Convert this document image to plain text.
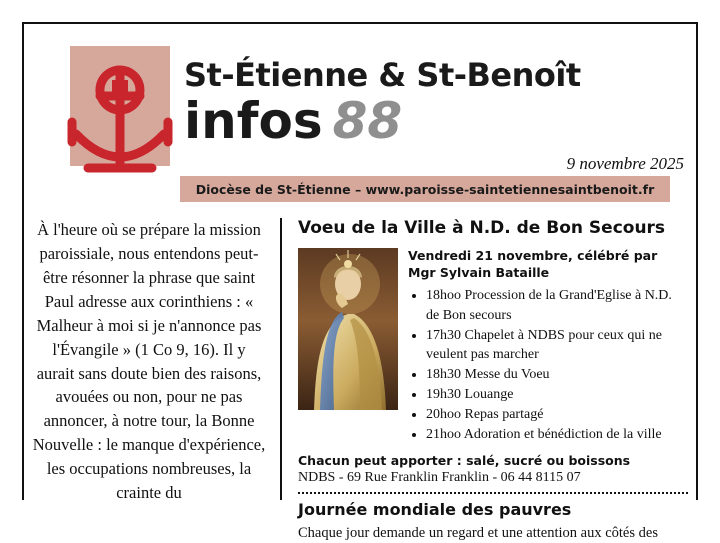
St-Étienne & St-Benoît
infos 88
9 novembre 2025
Diocèse de St-Étienne – www.paroisse-saintetiennesaintbenoit.fr

À l'heure où se prépare la mission paroissiale, nous entendons peut-être résonner la phrase que saint Paul adresse aux corinthiens : « Malheur à moi si je n'annonce pas l'Évangile » (1 Co 9, 16). Il y aurait sans doute bien des raisons, avouées ou non, pour ne pas annoncer, à notre tour, la Bonne Nouvelle : le manque d'expérience, les occupations nombreuses, la crainte du

Voeu de la Ville à N.D. de Bon Secours

Vendredi 21 novembre, célébré par Mgr Sylvain Bataille

• 18hoo Procession de la Grand'Eglise à N.D. de Bon secours
• 17h30 Chapelet à NDBS pour ceux qui ne veulent pas marcher
• 18h30 Messe du Voeu
• 19h30 Louange
• 20hoo Repas partagé
• 21hoo Adoration et bénédiction de la ville

Chacun peut apporter : salé, sucré ou boissons

NDBS - 69 Rue Franklin Franklin - 06 44 8115 07

Journée mondiale des pauvres

Chaque jour demande un regard et une attention aux côtés des
